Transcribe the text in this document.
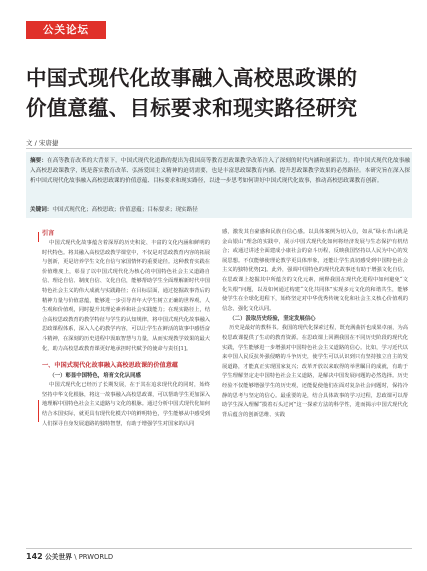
公关论坛
中国式现代化故事融入高校思政课的
价值意蕴、目标要求和现实路径研究
文 / 宋唐捷
摘要：在高等教育改革的大背景下，中国式现代化道路的提出为我国高等教育思政课教学改革注入了深刻的时代内涵和创新活力。将中国式现代化故事融入高校思政课教学，既是落实教育改革、弘扬爱国主义精神的迫切需要，也是丰富思政课教育内涵、提升思政课教学效果的必然路径。本研究旨在深入探析中国式现代化故事融入高校思政课的价值意蕴、目标要求和现实路径，以进一步思考如何讲好中国式现代化故事，推动高校思政课教育创新。
关键词：中国式现代化；高校思政；价值意蕴；目标要求；现实路径
引言

中国式现代化故事蕴含着深厚的历史积淀、丰富的文化内涵和鲜明的时代特色。将其融入高校思政教学课堂中，不仅是对思政教育内容的拓展与创新，更是培养学生文化自信与家国情怀的重要途径。这种教育实践在价值维度上，彰显了以中国式现代化为核心的中国特色社会主义道路自信、理论自信、制度自信、文化自信，能够帮助学生全面理解新时代中国特色社会主义的伟大成就与实践路径；在目标层面，通过挖掘故事背后的精神力量与价值意蕴，能够进一步引导青年大学生树立正确的世界观、人生观和价值观，同时提升其理论素养和社会实践能力；在现实路径上，结合高校思政教育的教学特征与学生的认知规律，将中国式现代化故事融入思政课程体系，深入人心的教学内容，可以让学生在鲜活的故事中感悟奋斗精神，在深刻的历史进程中汲取智慧与力量，从而实现教学效果的最大化，助力高校思政教育课更好地承担时代赋予的使命与责任[1]。

一、中国式现代化故事融入高校思政课的价值意蕴
（一）彰显中国特色，培育文化认同感

中国式现代化已经历了长期发展，在于其在追求现代化的同时，始终坚持中华文化根脉，将这一故事融入高校思政课，可以帮助学生更加深入地理解中国特色社会主义道路与文化的根脉。通过分析中国式现代化如何结合本国实际，就更具有现代化模式中的鲜明特色，学生能够从中感受到人们探寻自身发展道路的独特智慧，有助于增强学生对国家的认同

感，激发其自豪感和民族自信心感。以具体案例为切入点，如从“绿水青山就是金山银山”理念的实践中，展示中国式现代化如何将经济发展与生态保护有机结合；或通过讲述全面建成小康社会的奋斗历程，反映我国坚持以人民为中心的发展思想。不仅能够使理论教学更具体形象，还能让学生真切感受到中国特色社会主义的独特优势[2]。此外，强调中国特色的现代化故事还有助于增强文化自信，在思政课上挖掘其中所蕴含的文化元素，阐释我国在现代化进程中如何避免“文化失根”问题，以及如何通过构建“文化共同体”实现多元文化的和谐共生，能够使学生在全球化进程下，始终坚定对中华优秀传统文化和社会主义核心价值观的信念，强化文化认同。

（二）汲取历史经验，坚定发展信心

历史是最好的教科书。我国的现代化探索过程，既充满曲折也成果卓丽，为高校思政课提供了生动的教育资源。在思政课上回溯我国在不同历史阶段的现代化实践，学生能够进一步增强对中国特色社会主义道路的信心。比如，学习近代以来中国人民反抗外强侵略的斗争历史，使学生可以认识到只有坚持独立自主的发展道路，才能真正实现国家复兴；改革开放以来取得的举世瞩目的成就，有助于学生理解坚定走中国特色社会主义道路，是解决中国发展问题的必然选择。历史经验不仅能够增强学生的历史观，还能促使他们在面对复杂社会问题时，保持冷静的思考与坚定的信心。最重要的是，结合具体故事的学习过程，思政课可以帮助学生深入理解“摸着石头过河”这一探索方法的科学性，进而揭示中国式现代化背后蕴含的创新思维、实践

142 公关世界 \ PRWORLD
